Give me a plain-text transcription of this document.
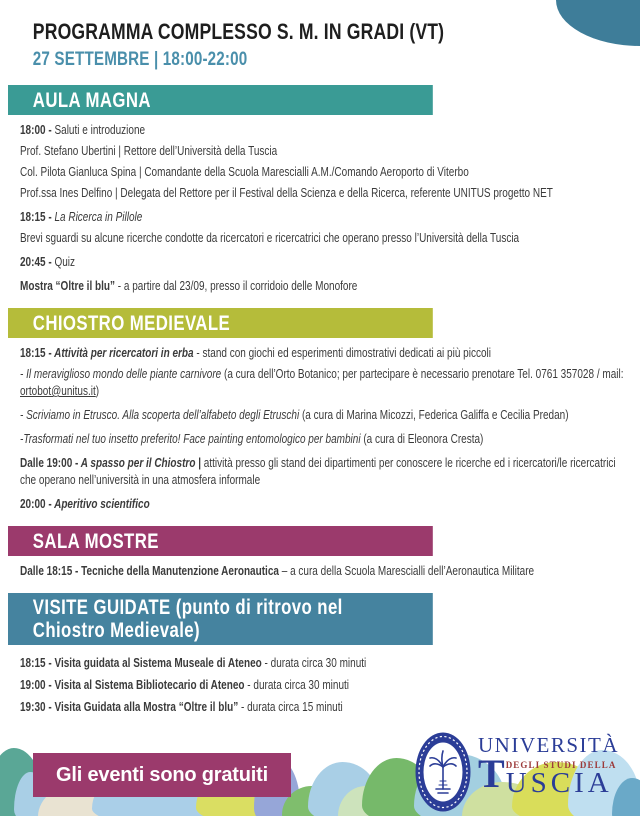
PROGRAMMA COMPLESSO S. M. IN GRADI (VT)
27 SETTEMBRE | 18:00-22:00
AULA MAGNA

18:00 - Saluti e introduzione

Prof. Stefano Ubertini | Rettore dell’Università della Tuscia

Col. Pilota Gianluca Spina | Comandante della Scuola Marescialli A.M./Comando Aeroporto di Viterbo

Prof.ssa Ines Delfino | Delegata del Rettore per il Festival della Scienza e della Ricerca, referente UNITUS progetto NET

18:15 - La Ricerca in Pillole

Brevi sguardi su alcune ricerche condotte da ricercatori e ricercatrici che operano presso l’Università della Tuscia

20:45 - Quiz

Mostra “Oltre il blu” - a partire dal 23/09, presso il corridoio delle Monofore

CHIOSTRO MEDIEVALE

18:15 - Attività per ricercatori in erba - stand con giochi ed esperimenti dimostrativi dedicati ai più piccoli

- Il meraviglioso mondo delle piante carnivore (a cura dell’Orto Botanico; per partecipare è necessario prenotare Tel. 0761 357028 / mail: ortobot@unitus.it)

- Scriviamo in Etrusco. Alla scoperta dell’alfabeto degli Etruschi (a cura di Marina Micozzi, Federica Galiffa e Cecilia Predan)

-Trasformati nel tuo insetto preferito! Face painting entomologico per bambini (a cura di Eleonora Cresta)

Dalle 19:00 - A spasso per il Chiostro | attività presso gli stand dei dipartimenti per conoscere le ricerche ed i ricercatori/le ricercatrici che operano nell’università in una atmosfera informale

20:00 - Aperitivo scientifico

SALA MOSTRE

Dalle 18:15 - Tecniche della Manutenzione Aeronautica – a cura della Scuola Marescialli dell’Aeronautica Militare

VISITE GUIDATE (punto di ritrovo nel Chiostro Medievale)

18:15 - Visita guidata al Sistema Museale di Ateneo - durata circa 30 minuti

19:00 - Visita al Sistema Bibliotecario di Ateneo - durata circa 30 minuti

19:30 - Visita Guidata alla Mostra “Oltre il blu” - durata circa 15 minuti

Gli eventi sono gratuiti
UNIVERSITÀ
T DEGLI STUDI DELLA
USCIA
